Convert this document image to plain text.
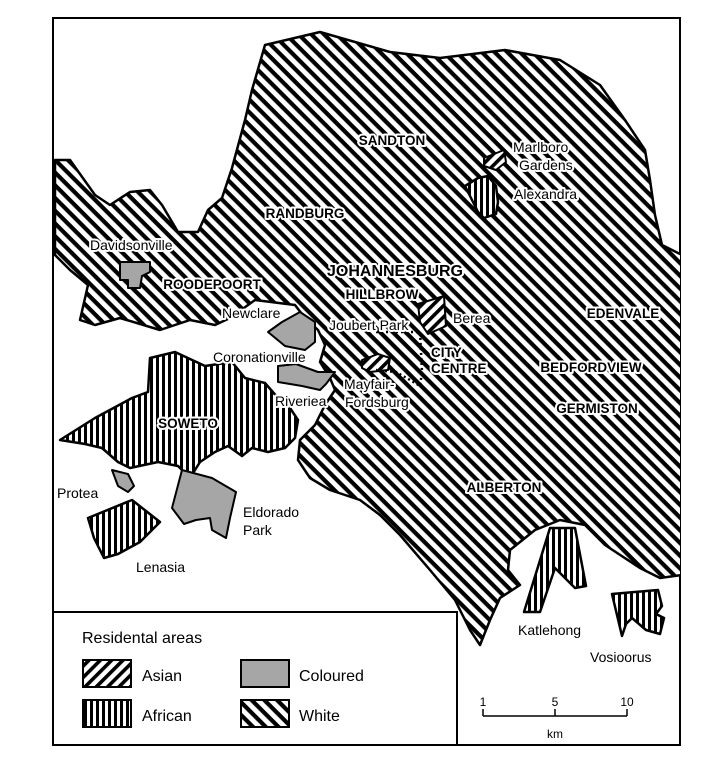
SANDTON
RANDBURG
ROODEPOORT
JOHANNESBURG
HILLBROW
CITY
CENTRE
EDENVALE
BEDFORDVIEW
GERMISTON
ALBERTON
SOWETO
Marlboro
Gardens
Alexandra
Davidsonville
Newclare
Coronationville
Joubert Park	Berea
Mayfair-
Fordsburg
Riveriea
Protea
Eldorado
Park
Lenasia
Katlehong
Vosioorus
Residental areas
Asian
African
Coloured
White
1	5	10
km
